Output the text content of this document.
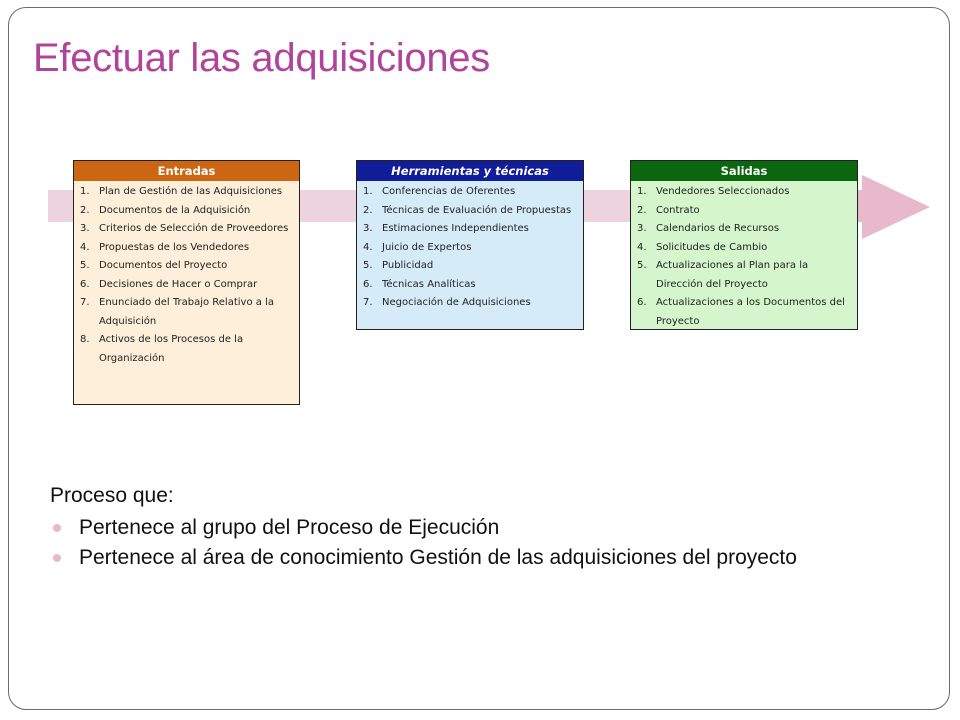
Efectuar las adquisiciones
Entradas
1. Plan de Gestión de las Adquisiciones
2. Documentos de la Adquisición
3. Criterios de Selección de Proveedores
4. Propuestas de los Vendedores
5. Documentos del Proyecto
6. Decisiones de Hacer o Comprar
7. Enunciado del Trabajo Relativo a la Adquisición
8. Activos de los Procesos de la Organización
Herramientas y técnicas
1. Conferencias de Oferentes
2. Técnicas de Evaluación de Propuestas
3. Estimaciones Independientes
4. Juicio de Expertos
5. Publicidad
6. Técnicas Analíticas
7. Negociación de Adquisiciones
Salidas
1. Vendedores Seleccionados
2. Contrato
3. Calendarios de Recursos
4. Solicitudes de Cambio
5. Actualizaciones al Plan para la Dirección del Proyecto
6. Actualizaciones a los Documentos del Proyecto
Proceso que:
Pertenece al grupo del Proceso de Ejecución
Pertenece al área de conocimiento Gestión de las adquisiciones del proyecto
